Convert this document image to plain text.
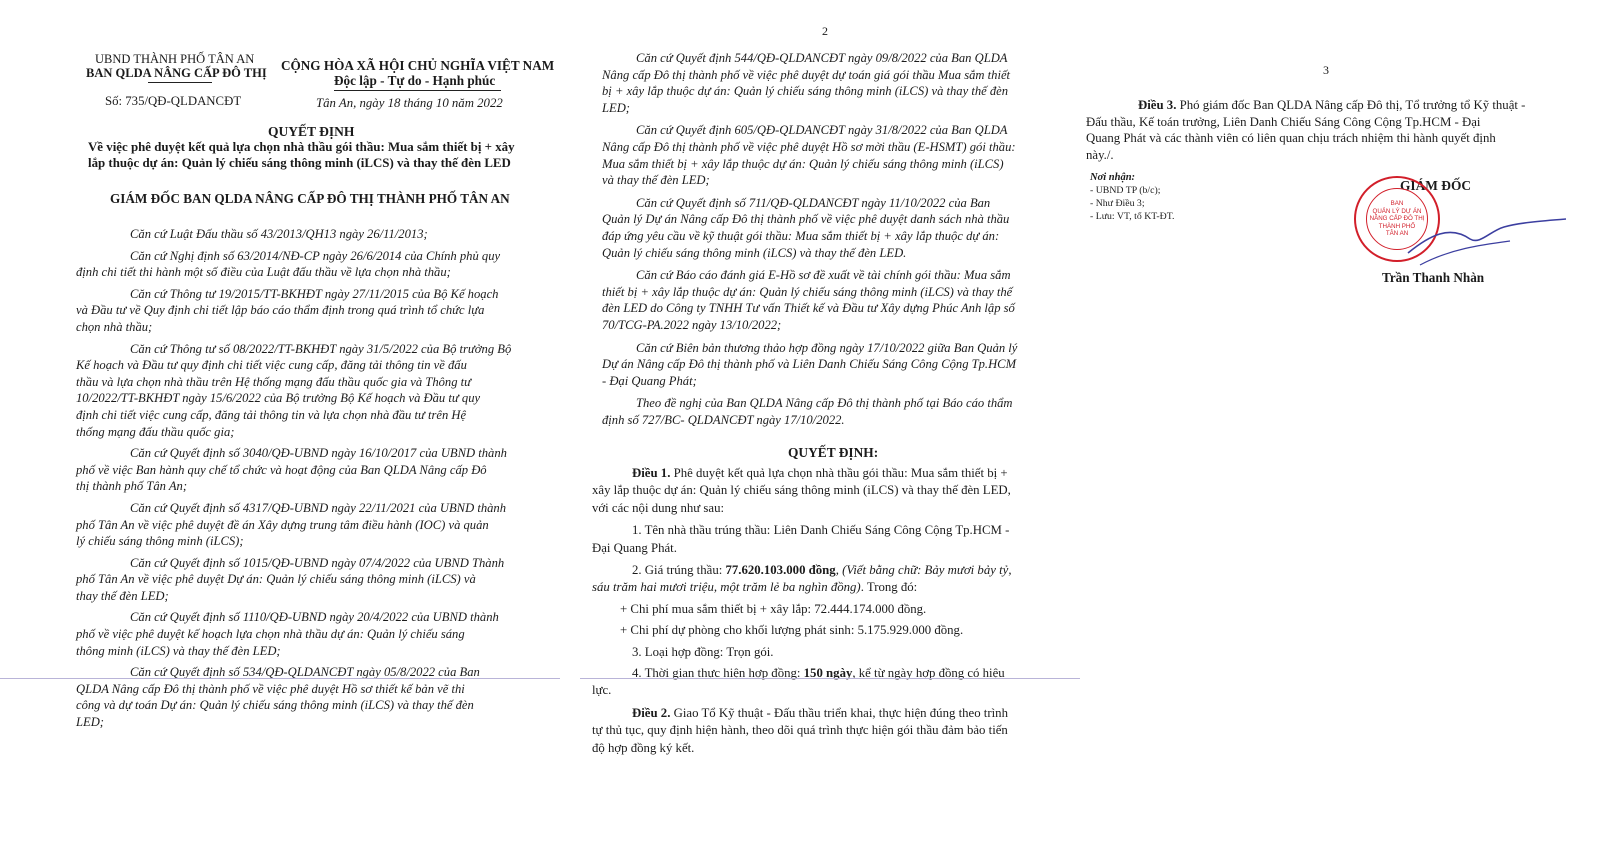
UBND THÀNH PHỐ TÂN AN
BAN QLDA NÂNG CẤP ĐÔ THỊ CỘNG HÒA XÃ HỘI CHỦ NGHĨA VIỆT NAM
Độc lập - Tự do - Hạnh phúc
Số: 735/QĐ-QLDANCĐT	Tân An, ngày 18 tháng 10 năm 2022
QUYẾT ĐỊNH
Về việc phê duyệt kết quả lựa chọn nhà thầu gói thầu: Mua sắm thiết bị + xây
lắp thuộc dự án: Quản lý chiếu sáng thông minh (iLCS) và thay thế đèn LED
GIÁM ĐỐC BAN QLDA NÂNG CẤP ĐÔ THỊ THÀNH PHỐ TÂN AN
Căn cứ Luật Đấu thầu số 43/2013/QH13 ngày 26/11/2013;
Căn cứ Nghị định số 63/2014/NĐ-CP ngày 26/6/2014 của Chính phủ quy
định chi tiết thi hành một số điều của Luật đấu thầu về lựa chọn nhà thầu;
Căn cứ Thông tư 19/2015/TT-BKHĐT ngày 27/11/2015 của Bộ Kế hoạch
và Đầu tư về Quy định chi tiết lập báo cáo thẩm định trong quá trình tổ chức lựa
chọn nhà thầu;
Căn cứ Thông tư số 08/2022/TT-BKHĐT ngày 31/5/2022 của Bộ trưởng Bộ
Kế hoạch và Đầu tư quy định chi tiết việc cung cấp, đăng tải thông tin về đấu
thầu và lựa chọn nhà thầu trên Hệ thống mạng đấu thầu quốc gia và Thông tư
10/2022/TT-BKHĐT ngày 15/6/2022 của Bộ trưởng Bộ Kế hoạch và Đầu tư quy
định chi tiết việc cung cấp, đăng tải thông tin và lựa chọn nhà đầu tư trên Hệ
thống mạng đấu thầu quốc gia;
Căn cứ Quyết định số 3040/QĐ-UBND ngày 16/10/2017 của UBND thành
phố về việc Ban hành quy chế tổ chức và hoạt động của Ban QLDA Nâng cấp Đô
thị thành phố Tân An;
Căn cứ Quyết định số 4317/QĐ-UBND ngày 22/11/2021 của UBND thành
phố Tân An về việc phê duyệt đề án Xây dựng trung tâm điều hành (IOC) và quản
lý chiếu sáng thông minh (iLCS);
Căn cứ Quyết định số 1015/QĐ-UBND ngày 07/4/2022 của UBND Thành
phố Tân An về việc phê duyệt Dự án: Quản lý chiếu sáng thông minh (iLCS) và
thay thế đèn LED;
Căn cứ Quyết định số 1110/QĐ-UBND ngày 20/4/2022 của UBND thành
phố về việc phê duyệt kế hoạch lựa chọn nhà thầu dự án: Quản lý chiếu sáng
thông minh (iLCS) và thay thế đèn LED;
Căn cứ Quyết định số 534/QĐ-QLDANCĐT ngày 05/8/2022 của Ban
QLDA Nâng cấp Đô thị thành phố về việc phê duyệt Hồ sơ thiết kế bản vẽ thi
công và dự toán Dự án: Quản lý chiếu sáng thông minh (iLCS) và thay thế đèn
LED;
2
Căn cứ Quyết định 544/QĐ-QLDANCĐT ngày 09/8/2022 của Ban QLDA
Nâng cấp Đô thị thành phố về việc phê duyệt dự toán giá gói thầu Mua sắm thiết
bị + xây lắp thuộc dự án: Quản lý chiếu sáng thông minh (iLCS) và thay thế đèn
LED;
Căn cứ Quyết định 605/QĐ-QLDANCĐT ngày 31/8/2022 của Ban QLDA
Nâng cấp Đô thị thành phố về việc phê duyệt Hồ sơ mời thầu (E-HSMT) gói thầu:
Mua sắm thiết bị + xây lắp thuộc dự án: Quản lý chiếu sáng thông minh (iLCS)
và thay thế đèn LED;
Căn cứ Quyết định số 711/QĐ-QLDANCĐT ngày 11/10/2022 của Ban
Quản lý Dự án Nâng cấp Đô thị thành phố về việc phê duyệt danh sách nhà thầu
đáp ứng yêu cầu về kỹ thuật gói thầu: Mua sắm thiết bị + xây lắp thuộc dự án:
Quản lý chiếu sáng thông minh (iLCS) và thay thế đèn LED.
Căn cứ Báo cáo đánh giá E-Hồ sơ đề xuất về tài chính gói thầu: Mua sắm
thiết bị + xây lắp thuộc dự án: Quản lý chiếu sáng thông minh (iLCS) và thay thế
đèn LED do Công ty TNHH Tư vấn Thiết kế và Đầu tư Xây dựng Phúc Anh lập số
70/TCG-PA.2022 ngày 13/10/2022;
Căn cứ Biên bản thương thảo hợp đồng ngày 17/10/2022 giữa Ban Quản lý
Dự án Nâng cấp Đô thị thành phố và Liên Danh Chiếu Sáng Công Cộng Tp.HCM
- Đại Quang Phát;
Theo đề nghị của Ban QLDA Nâng cấp Đô thị thành phố tại Báo cáo thẩm
định số 727/BC- QLDANCĐT ngày 17/10/2022.
QUYẾT ĐỊNH:
Điều 1. Phê duyệt kết quả lựa chọn nhà thầu gói thầu: Mua sắm thiết bị +
xây lắp thuộc dự án: Quản lý chiếu sáng thông minh (iLCS) và thay thế đèn LED,
với các nội dung như sau:
1. Tên nhà thầu trúng thầu: Liên Danh Chiếu Sáng Công Cộng Tp.HCM -
Đại Quang Phát.
2. Giá trúng thầu: 77.620.103.000 đồng, (Viết bằng chữ: Bảy mươi bảy tỷ,
sáu trăm hai mươi triệu, một trăm lẻ ba nghìn đồng). Trong đó:
+ Chi phí mua sắm thiết bị + xây lắp: 72.444.174.000 đồng.
+ Chi phí dự phòng cho khối lượng phát sinh: 5.175.929.000 đồng.
3. Loại hợp đồng: Trọn gói.
4. Thời gian thực hiện hợp đồng: 150 ngày, kể từ ngày hợp đồng có hiệu
lực.
Điều 2. Giao Tổ Kỹ thuật - Đấu thầu triển khai, thực hiện đúng theo trình
tự thủ tục, quy định hiện hành, theo dõi quá trình thực hiện gói thầu đảm bảo tiến
độ hợp đồng ký kết.
3
Điều 3. Phó giám đốc Ban QLDA Nâng cấp Đô thị, Tổ trưởng tổ Kỹ thuật -
Đấu thầu, Kế toán trưởng, Liên Danh Chiếu Sáng Công Cộng Tp.HCM - Đại
Quang Phát và các thành viên có liên quan chịu trách nhiệm thi hành quyết định
này./.
Nơi nhận:
- UBND TP (b/c);
- Như Điều 3;
- Lưu: VT, tổ KT-ĐT.
GIÁM ĐỐC
BAN
QUẢN LÝ DỰ ÁN
NÂNG CẤP ĐÔ THỊ
THÀNH PHỐ
TÂN AN
Trần Thanh Nhàn
